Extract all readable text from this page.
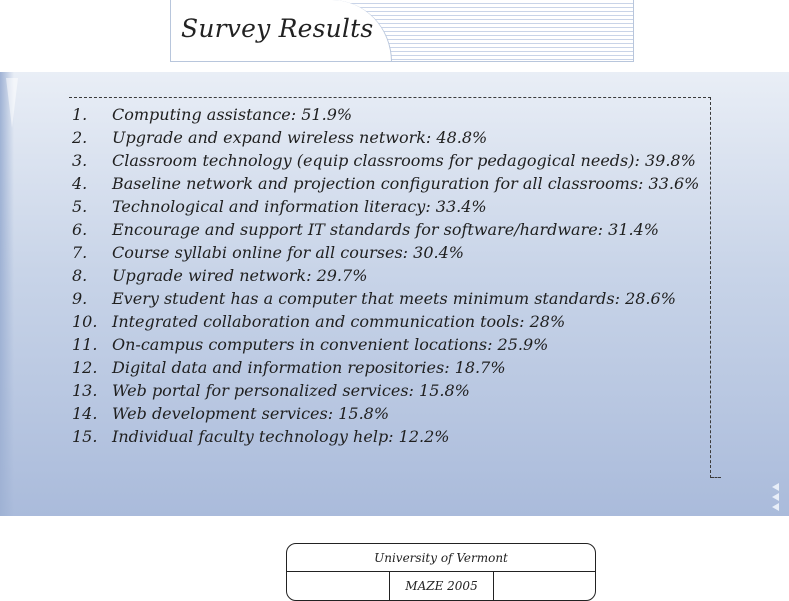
Survey Results
1.	Computing assistance: 51.9%
2.	Upgrade and expand wireless network: 48.8%
3.	Classroom technology (equip classrooms for pedagogical needs): 39.8%
4.	Baseline network and projection configuration for all classrooms: 33.6%
5.	Technological and information literacy: 33.4%
6.	Encourage and support IT standards for software/hardware: 31.4%
7.	Course syllabi online for all courses: 30.4%
8.	Upgrade wired network: 29.7%
9.	Every student has a computer that meets minimum standards: 28.6%
10. Integrated collaboration and communication tools: 28%
11. On-campus computers in convenient locations: 25.9%
12. Digital data and information repositories: 18.7%
13. Web portal for personalized services: 15.8%
14. Web development services: 15.8%
15. Individual faculty technology help: 12.2%
University of Vermont
MAZE 2005
